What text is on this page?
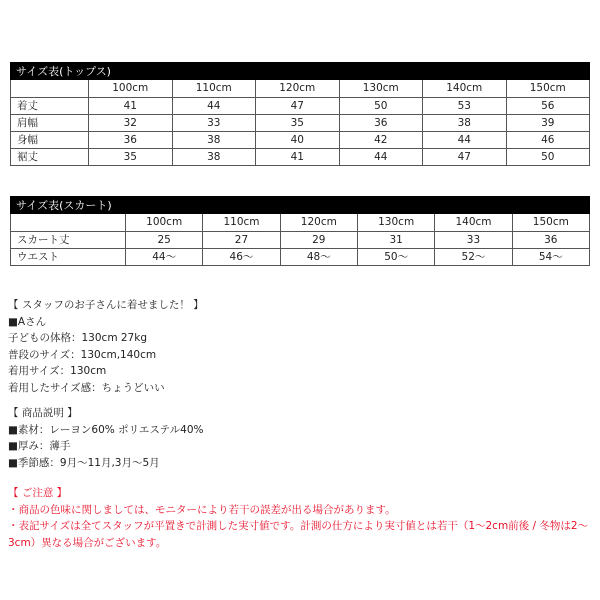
サイズ表(トップス)						
	100cm	110cm	120cm	130cm	140cm	150cm
着丈	41	44	47	50	53	56
肩幅	32	33	35	36	38	39
身幅	36	38	40	42	44	46
裾丈	35	38	41	44	47	50
サイズ表(スカート)						
	100cm	110cm	120cm	130cm	140cm	150cm
スカート丈	25	27	29	31	33	36
ウエスト	44〜	46〜	48〜	50〜	52〜	54〜
【 スタッフのお子さんに着せました！ 】
■Aさん
子どもの体格：130cm 27kg
普段のサイズ：130cm,140cm
着用サイズ：130cm
着用したサイズ感：ちょうどいい
【 商品説明 】
■素材：レーヨン60% ポリエステル40%
■厚み：薄手
■季節感：9月〜11月,3月〜5月
【 ご注意 】
・商品の色味に関しましては、モニターにより若干の誤差が出る場合があります。
・表記サイズは全てスタッフが平置きで計測した実寸値です。計測の仕方により実寸値とは若干（1〜2cm前後 / 冬物は2〜3cm）異なる場合がございます。
